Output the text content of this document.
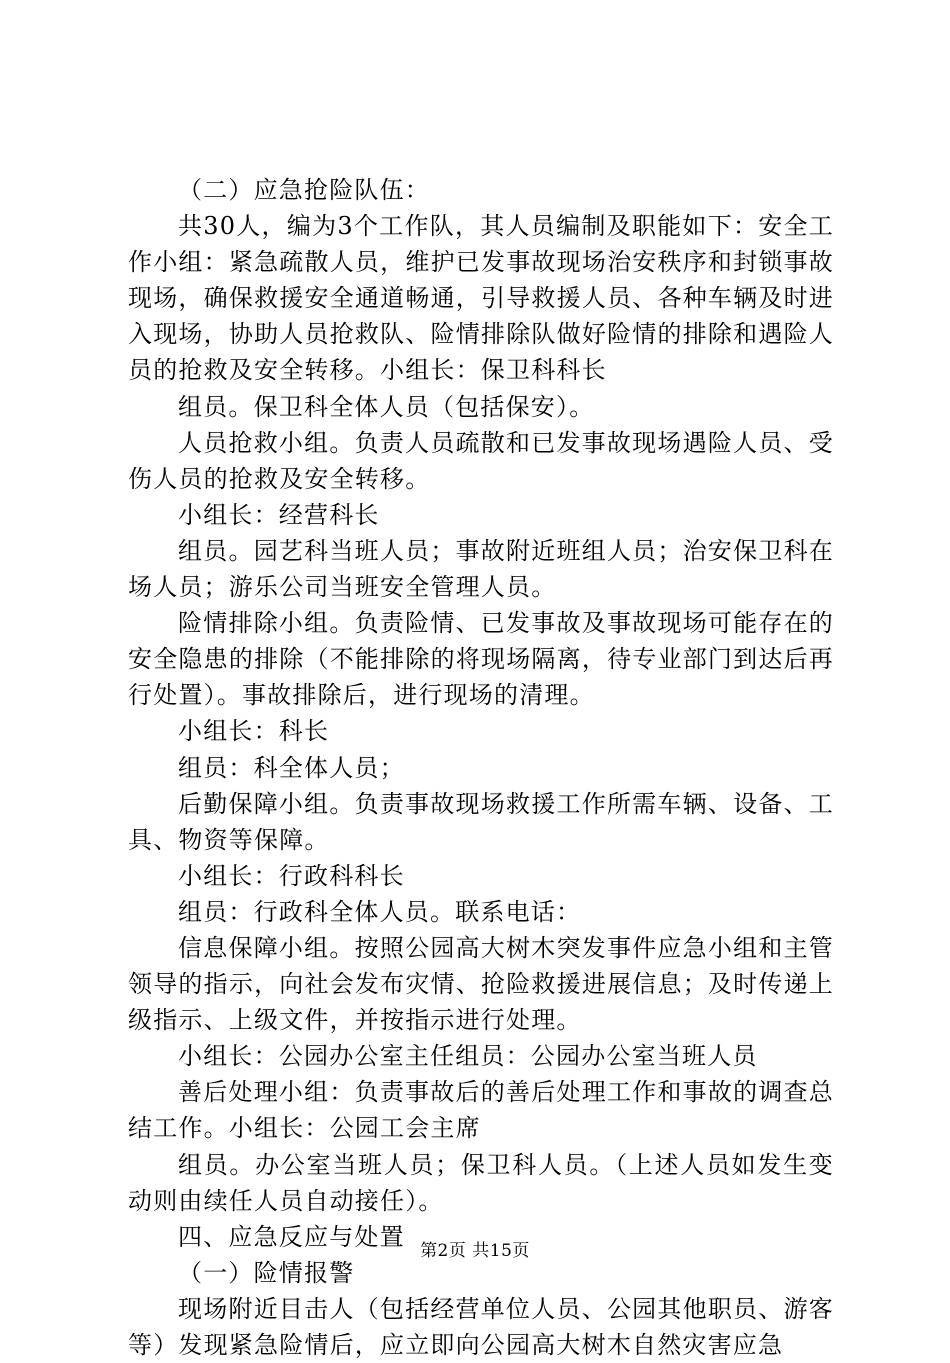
（二）应急抢险队伍：

共30人，编为3个工作队，其人员编制及职能如下：安全工作小组：紧急疏散人员，维护已发事故现场治安秩序和封锁事故现场，确保救援安全通道畅通，引导救援人员、各种车辆及时进入现场，协助人员抢救队、险情排除队做好险情的排除和遇险人员的抢救及安全转移。小组长：保卫科科长

组员。保卫科全体人员（包括保安）。

人员抢救小组。负责人员疏散和已发事故现场遇险人员、受伤人员的抢救及安全转移。

小组长：经营科长

组员。园艺科当班人员；事故附近班组人员；治安保卫科在场人员；游乐公司当班安全管理人员。

险情排除小组。负责险情、已发事故及事故现场可能存在的安全隐患的排除（不能排除的将现场隔离，待专业部门到达后再行处置）。事故排除后，进行现场的清理。

小组长：科长

组员：科全体人员；

后勤保障小组。负责事故现场救援工作所需车辆、设备、工具、物资等保障。

小组长：行政科科长

组员：行政科全体人员。联系电话：

信息保障小组。按照公园高大树木突发事件应急小组和主管领导的指示，向社会发布灾情、抢险救援进展信息；及时传递上级指示、上级文件，并按指示进行处理。

小组长：公园办公室主任组员：公园办公室当班人员

善后处理小组：负责事故后的善后处理工作和事故的调查总结工作。小组长：公园工会主席

组员。办公室当班人员；保卫科人员。（上述人员如发生变动则由续任人员自动接任）。

四、应急反应与处置

（一）险情报警

现场附近目击人（包括经营单位人员、公园其他职员、游客等）发现紧急险情后，应立即向公园高大树木自然灾害应急

第2页 共15页
